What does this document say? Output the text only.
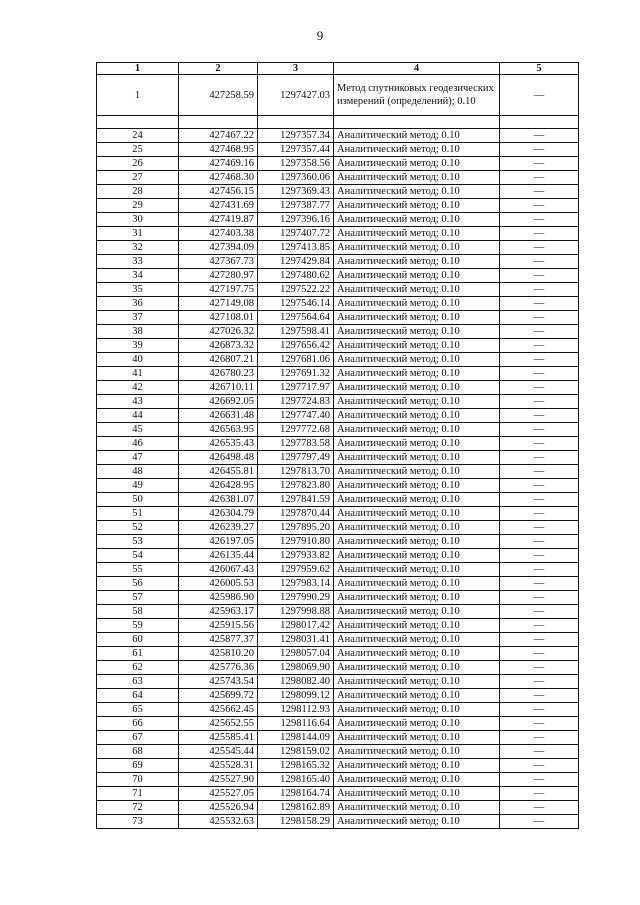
9
1	2	3	4	5
1	427258.59	1297427.03	Метод спутниковых геодезических измерений (определений); 0.10	—

24	427467.22	1297357.34	Аналитический метод; 0.10	—
25	427468.95	1297357.44	Аналитический метод; 0.10	—
26	427469.16	1297358.56	Аналитический метод; 0.10	—
27	427468.30	1297360.06	Аналитический метод; 0.10	—
28	427456.15	1297369.43	Аналитический метод; 0.10	—
29	427431.69	1297387.77	Аналитический метод; 0.10	—
30	427419.87	1297396.16	Аналитический метод; 0.10	—
31	427403.38	1297407.72	Аналитический метод; 0.10	—
32	427394.09	1297413.85	Аналитический метод; 0.10	—
33	427367.73	1297429.84	Аналитический метод; 0.10	—
34	427280.97	1297480.62	Аналитический метод; 0.10	—
35	427197.75	1297522.22	Аналитический метод; 0.10	—
36	427149.08	1297546.14	Аналитический метод; 0.10	—
37	427108.01	1297564.64	Аналитический метод; 0.10	—
38	427026.32	1297598.41	Аналитический метод; 0.10	—
39	426873.32	1297656.42	Аналитический метод; 0.10	—
40	426807.21	1297681.06	Аналитический метод; 0.10	—
41	426780.23	1297691.32	Аналитический метод; 0.10	—
42	426710.11	1297717.97	Аналитический метод; 0.10	—
43	426692.05	1297724.83	Аналитический метод; 0.10	—
44	426631.48	1297747.40	Аналитический метод; 0.10	—
45	426563.95	1297772.68	Аналитический метод; 0.10	—
46	426535.43	1297783.58	Аналитический метод; 0.10	—
47	426498.48	1297797.49	Аналитический метод; 0.10	—
48	426455.81	1297813.70	Аналитический метод; 0.10	—
49	426428.95	1297823.80	Аналитический метод; 0.10	—
50	426381.07	1297841.59	Аналитический метод; 0.10	—
51	426304.79	1297870.44	Аналитический метод; 0.10	—
52	426239.27	1297895.20	Аналитический метод; 0.10	—
53	426197.05	1297910.80	Аналитический метод; 0.10	—
54	426135.44	1297933.82	Аналитический метод; 0.10	—
55	426067.43	1297959.62	Аналитический метод; 0.10	—
56	426005.53	1297983.14	Аналитический метод; 0.10	—
57	425986.90	1297990.29	Аналитический метод; 0.10	—
58	425963.17	1297998.88	Аналитический метод; 0.10	—
59	425915.56	1298017.42	Аналитический метод; 0.10	—
60	425877.37	1298031.41	Аналитический метод; 0.10	—
61	425810.20	1298057.04	Аналитический метод; 0.10	—
62	425776.36	1298069.90	Аналитический метод; 0.10	—
63	425743.54	1298082.40	Аналитический метод; 0.10	—
64	425699.72	1298099.12	Аналитический метод; 0.10	—
65	425662.45	1298112.93	Аналитический метод; 0.10	—
66	425652.55	1298116.64	Аналитический метод; 0.10	—
67	425585.41	1298144.09	Аналитический метод; 0.10	—
68	425545.44	1298159.02	Аналитический метод; 0.10	—
69	425528.31	1298165.32	Аналитический метод; 0.10	—
70	425527.90	1298165.40	Аналитический метод; 0.10	—
71	425527.05	1298164.74	Аналитический метод; 0.10	—
72	425526.94	1298162.89	Аналитический метод; 0.10	—
73	425532.63	1298158.29	Аналитический метод; 0.10	—
